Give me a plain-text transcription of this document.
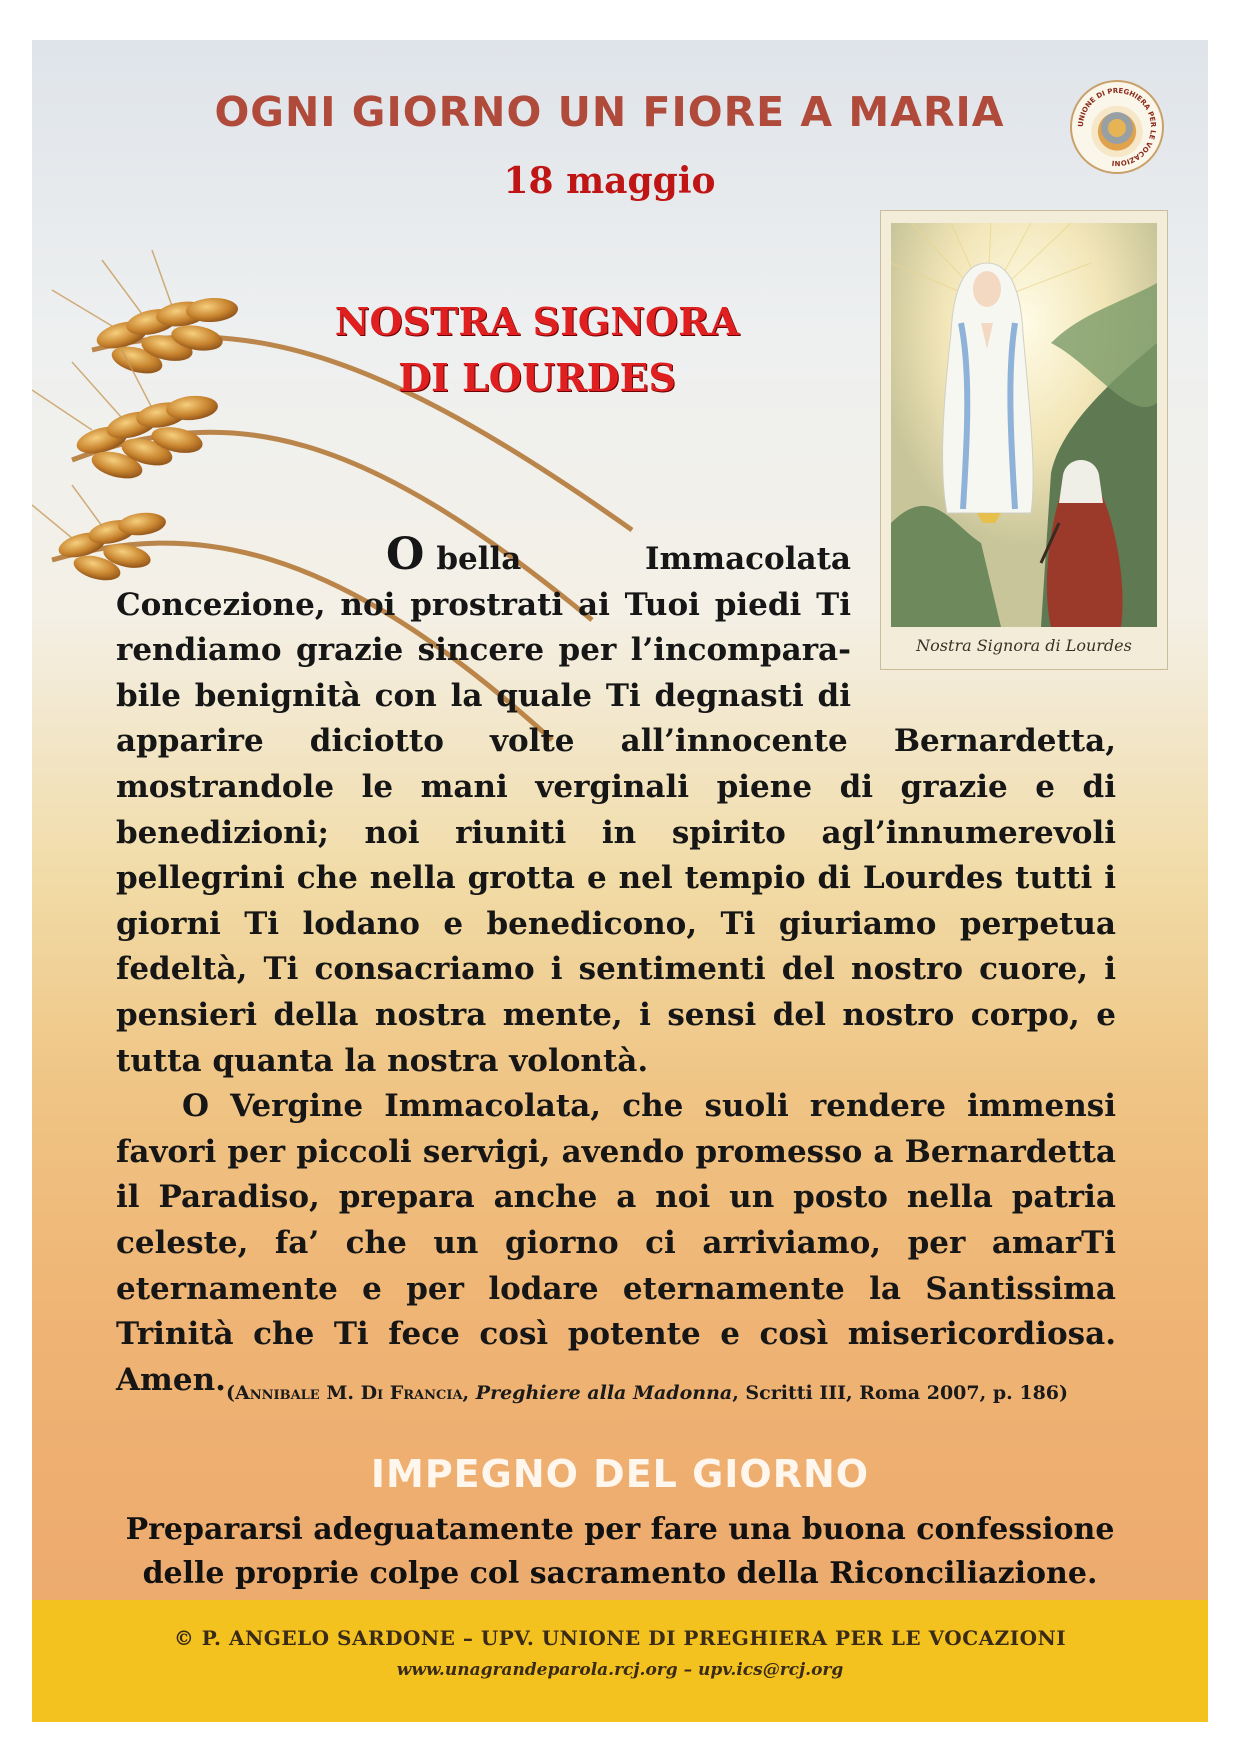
UNIONE DI PREGHIERA PER LE VOCAZIONI
OGNI GIORNO UN FIORE A MARIA
18 maggio
NOSTRA SIGNORA
DI LOURDES

Nostra Signora di Lourdes

O bella Immacolata
Concezione, noi prostrati ai Tuoi piedi Ti
rendiamo grazie sincere per l’incompara-
bile benignità con la quale Ti degnasti di

apparire diciotto volte all’innocente Bernardetta, mostrandole le mani verginali piene di grazie e di benedizioni; noi riuniti in spirito agl’innumerevoli pellegrini che nella grotta e nel tempio di Lourdes tutti i giorni Ti lodano e benedicono, Ti giuriamo perpetua fedeltà, Ti consacriamo i sentimenti del nostro cuore, i pensieri della nostra mente, i sensi del nostro corpo, e tutta quanta la nostra volontà.

O Vergine Immacolata, che suoli rendere immensi favori per piccoli servigi, avendo promesso a Bernardetta il Paradiso, prepara anche a noi un posto nella patria celeste, fa’ che un giorno ci arriviamo, per amarTi eternamente e per lodare eternamente la Santissima Trinità che Ti fece così potente e così misericordiosa. Amen. (Annibale M. Di Francia, Preghiere alla Madonna, Scritti III, Roma 2007, p. 186)

IMPEGNO DEL GIORNO

Prepararsi adeguatamente per fare una buona confessione
delle proprie colpe col sacramento della Riconciliazione.

© P. ANGELO SARDONE – UPV. UNIONE DI PREGHIERA PER LE VOCAZIONI

www.unagrandeparola.rcj.org – upv.ics@rcj.org
